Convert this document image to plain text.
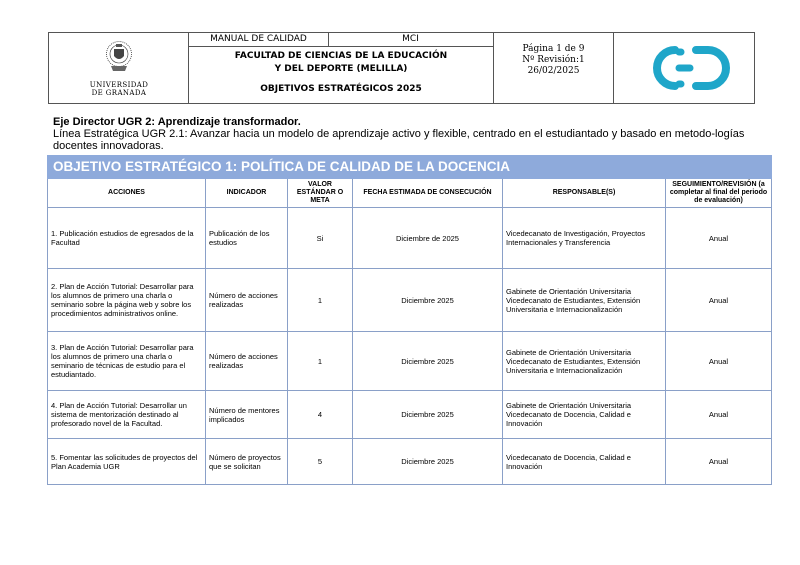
UNIVERSIDAD
DE GRANADA
MANUAL DE CALIDAD	MCI
FACULTAD DE CIENCIAS DE LA EDUCACIÓN
Y DEL DEPORTE (MELILLA)
OBJETIVOS ESTRATÉGICOS 2025
Página 1 de 9
Nº Revisión:1
26/02/2025
Eje Director UGR 2: Aprendizaje transformador.
Línea Estratégica UGR 2.1: Avanzar hacia un modelo de aprendizaje activo y flexible, centrado en el estudiantado y basado en metodo-logías docentes innovadoras.
OBJETIVO ESTRATÉGICO 1: POLÍTICA DE CALIDAD DE LA DOCENCIA					
ACCIONES	INDICADOR	VALOR ESTÁNDAR O META	FECHA ESTIMADA DE CONSECUCIÓN	RESPONSABLE(S)	SEGUIMIENTO/REVISIÓN (a completar al final del periodo de evaluación)
1. Publicación estudios de egresados de la Facultad	Publicación de los estudios	Si	Diciembre de 2025	Vicedecanato de Investigación, Proyectos Internacionales y Transferencia	Anual
2. Plan de Acción Tutorial: Desarrollar para los alumnos de primero una charla o seminario sobre la página web y sobre los procedimientos administrativos online.	Número de acciones realizadas	1	Diciembre 2025	Gabinete de Orientación Universitaria Vicedecanato de Estudiantes, Extensión Universitaria e Internacionalización	Anual
3. Plan de Acción Tutorial: Desarrollar para los alumnos de primero una charla o seminario de técnicas de estudio para el estudiantado.	Número de acciones realizadas	1	Diciembre 2025	Gabinete de Orientación Universitaria Vicedecanato de Estudiantes, Extensión Universitaria e Internacionalización	Anual
4. Plan de Acción Tutorial: Desarrollar un sistema de mentorización destinado al profesorado novel de la Facultad.	Número de mentores implicados	4	Diciembre 2025	Gabinete de Orientación Universitaria Vicedecanato de Docencia, Calidad e Innovación	Anual
5. Fomentar las solicitudes de proyectos del Plan Academia UGR	Número de proyectos que se solicitan	5	Diciembre 2025	Vicedecanato de Docencia, Calidad e Innovación	Anual
